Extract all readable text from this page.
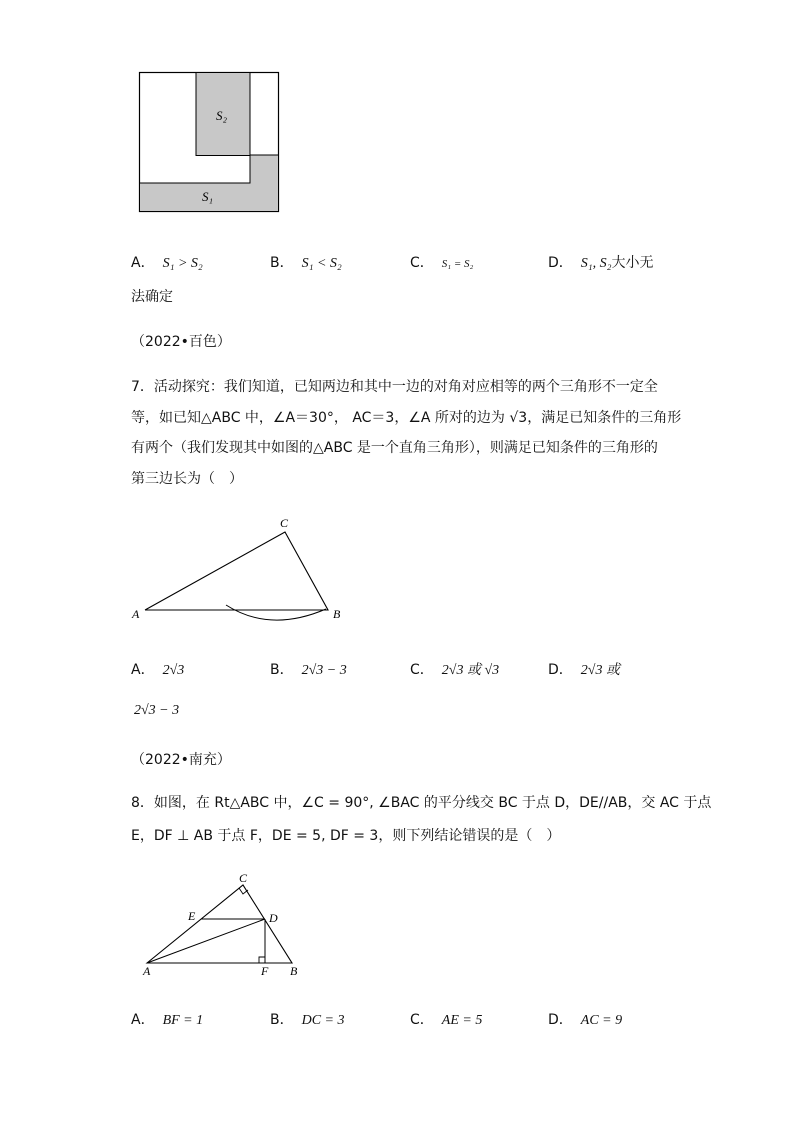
S₂
S₁
A． S₁ > S₂	B． S₁ < S₂	C． S₁ = S₂	D． S₁, S₂大小无
法确定
（2022•百色）
7．活动探究：我们知道，已知两边和其中一边的对角对应相等的两个三角形不一定全
等，如已知△ABC 中，∠A＝30°， AC＝3，∠A 所对的边为 √3，满足已知条件的三角形
有两个（我们发现其中如图的△ABC 是一个直角三角形），则满足已知条件的三角形的
第三边长为（　）
A	B
C
A． 2√3	B． 2√3 − 3	C． 2√3 或 √3	D． 2√3 或
2√3 − 3
（2022•南充）
8．如图，在 Rt△ABC 中，∠C = 90°, ∠BAC 的平分线交 BC 于点 D，DE//AB，交 AC 于点
E，DF ⊥ AB 于点 F，DE = 5, DF = 3，则下列结论错误的是（　）
C
E	D
A	F B
A． BF = 1	B． DC = 3	C． AE = 5	D． AC = 9
